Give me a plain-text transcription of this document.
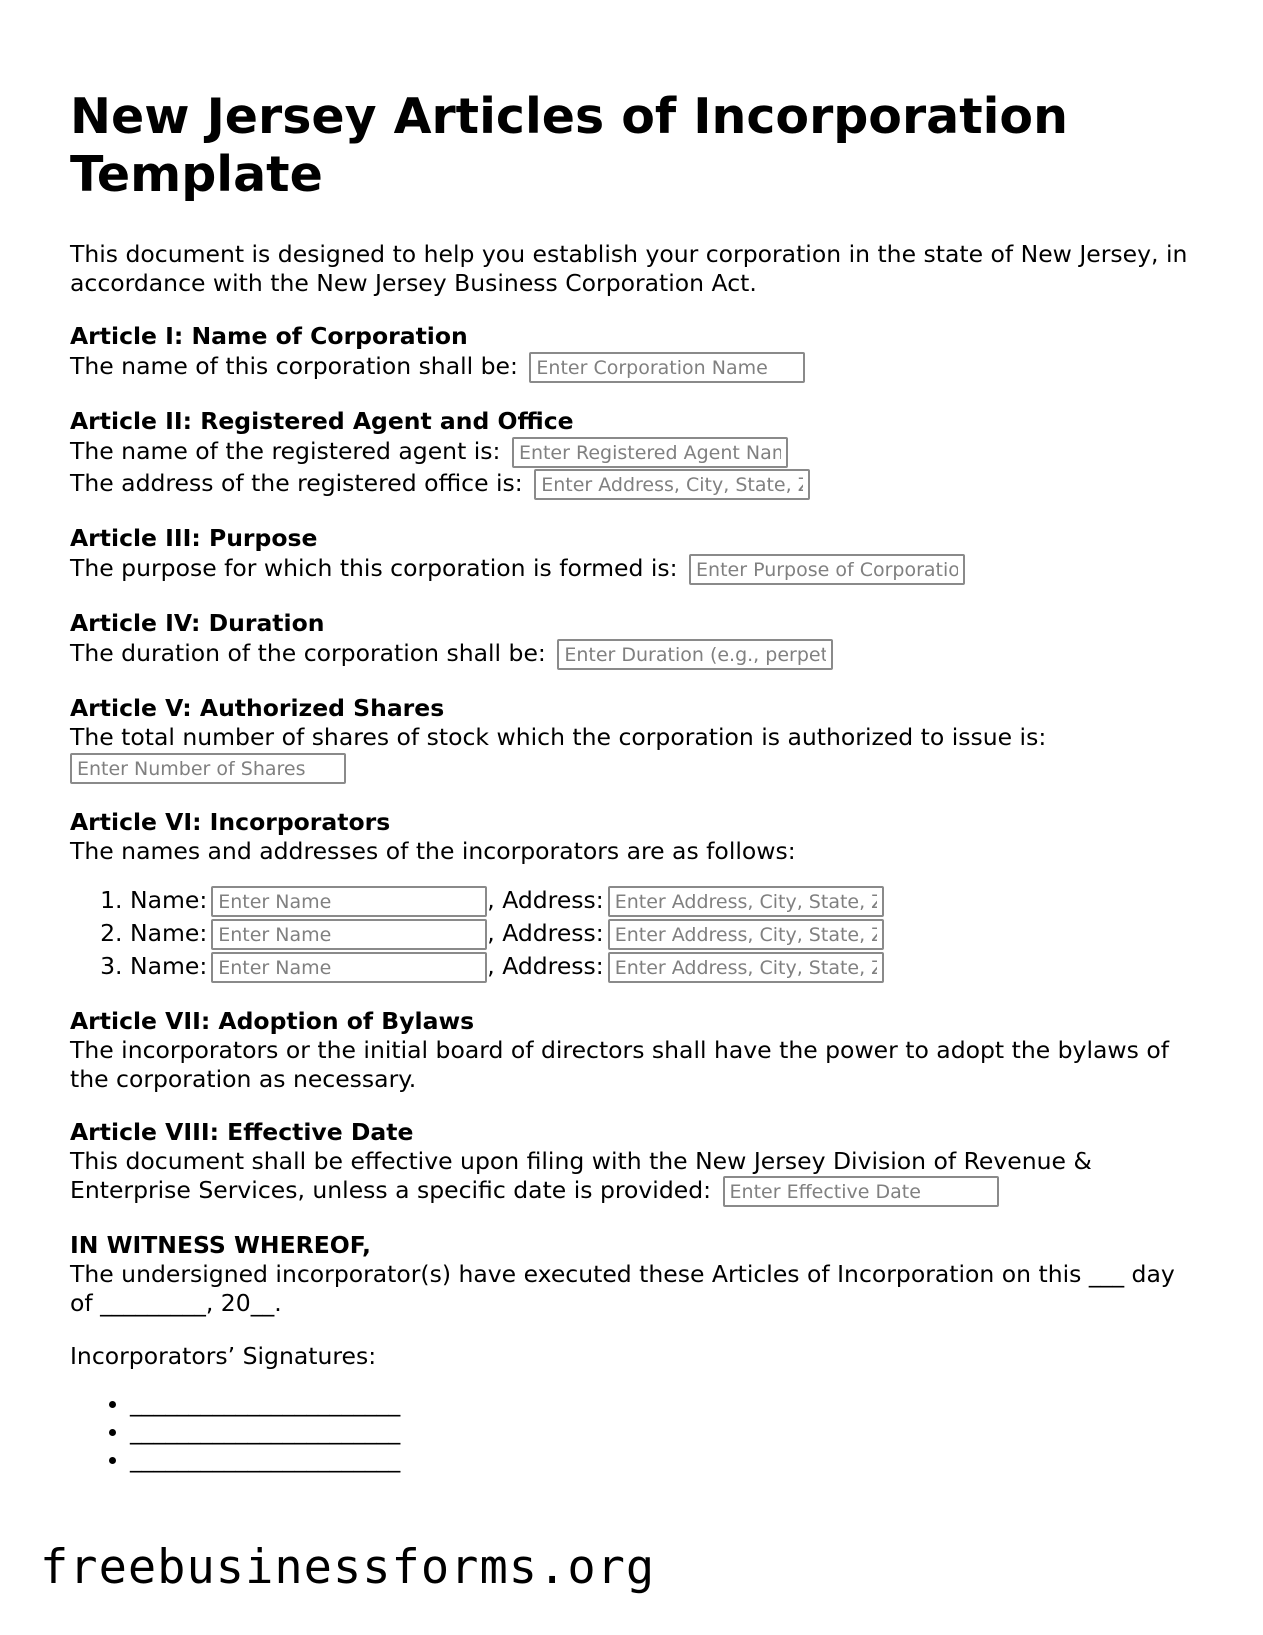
New Jersey Articles of Incorporation Template

This document is designed to help you establish your corporation in the state of New Jersey, in accordance with the New Jersey Business Corporation Act.

Article I: Name of Corporation
The name of this corporation shall be: Enter Corporation Name
Article II: Registered Agent and Office
The name of the registered agent is: Enter Registered Agent Name
The address of the registered office is: Enter Address, City, State, ZIP
Article III: Purpose
The purpose for which this corporation is formed is: Enter Purpose of Corporation
Article IV: Duration
The duration of the corporation shall be: Enter Duration (e.g., perpetual)
Article V: Authorized Shares

The total number of shares of stock which the corporation is authorized to issue is:

Enter Number of Shares
Article VI: Incorporators

The names and addresses of the incorporators are as follows:

1. Name:Enter Name	, Address:Enter Address, City, State, ZIP
2. Name:Enter Name	, Address:Enter Address, City, State, ZIP
3. Name:Enter Name	, Address:Enter Address, City, State, ZIP
Article VII: Adoption of Bylaws

The incorporators or the initial board of directors shall have the power to adopt the bylaws of the corporation as necessary.

Article VIII: Effective Date

This document shall be effective upon filing with the New Jersey Division of Revenue & Enterprise Services, unless a specific date is provided: Enter Effective Date

IN WITNESS WHEREOF,

The undersigned incorporator(s) have executed these Articles of Incorporation on this ___ day of _________, 20__.

Incorporators’ Signatures:

• _______________________
• _______________________
• _______________________
freebusinessforms.org
